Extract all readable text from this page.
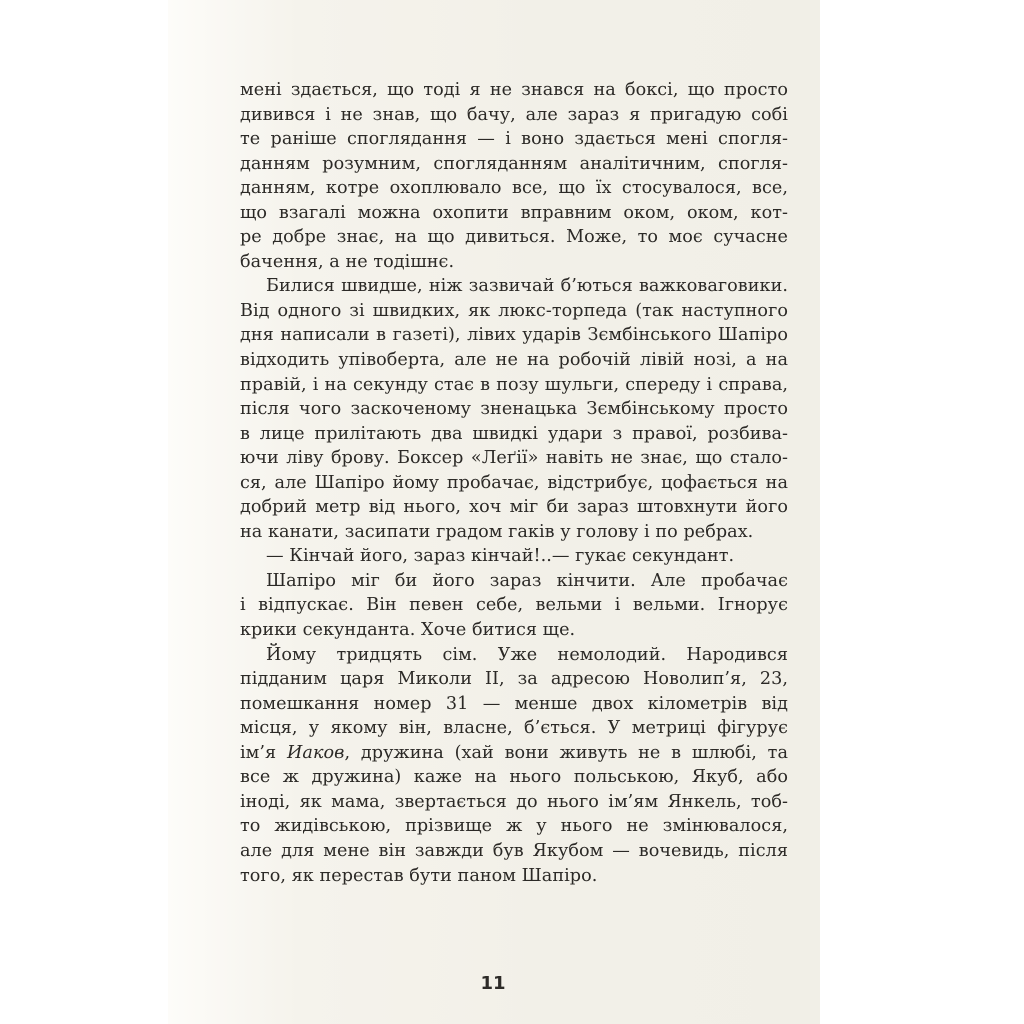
мені здається, що тоді я не знався на боксі, що просто
дивився і не знав, що бачу, але зараз я пригадую собі
те раніше споглядання — і воно здається мені спогля-
данням розумним, спогляданням аналітичним, спогля-
данням, котре охоплювало все, що їх стосувалося, все,
що взагалі можна охопити вправним оком, оком, кот-
ре добре знає, на що дивиться. Може, то моє сучасне
бачення, а не тодішнє.
Билися швидше, ніж зазвичай б’ються важковаговики.
Від одного зі швидких, як люкс-торпеда (так наступного
дня написали в газеті), лівих ударів Зємбінського Шапіро
відходить упівоберта, але не на робочій лівій нозі, а на
правій, і на секунду стає в позу шульги, спереду і справа,
після чого заскоченому зненацька Зємбінському просто
в лице прилітають два швидкі удари з правої, розбива-
ючи ліву брову. Боксер «Леґії» навіть не знає, що стало-
ся, але Шапіро йому пробачає, відстрибує, цофається на
добрий метр від нього, хоч міг би зараз штовхнути його
на канати, засипати градом гаків у голову і по ребрах.
— Кінчай його, зараз кінчай!..— гукає секундант.
Шапіро міг би його зараз кінчити. Але пробачає
і відпускає. Він певен себе, вельми і вельми. Ігнорує
крики секунданта. Хоче битися ще.
Йому тридцять сім. Уже немолодий. Народився
підданим царя Миколи II, за адресою Новолип’я, 23,
помешкання номер 31 — менше двох кілометрів від
місця, у якому він, власне, б’ється. У метриці фігурує
ім’я Иаков, дружина (хай вони живуть не в шлюбі, та
все ж дружина) каже на нього польською, Якуб, або
іноді, як мама, звертається до нього ім’ям Янкель, тоб-
то жидівською, прізвище ж у нього не змінювалося,
але для мене він завжди був Якубом — вочевидь, після
того, як перестав бути паном Шапіро.
11
